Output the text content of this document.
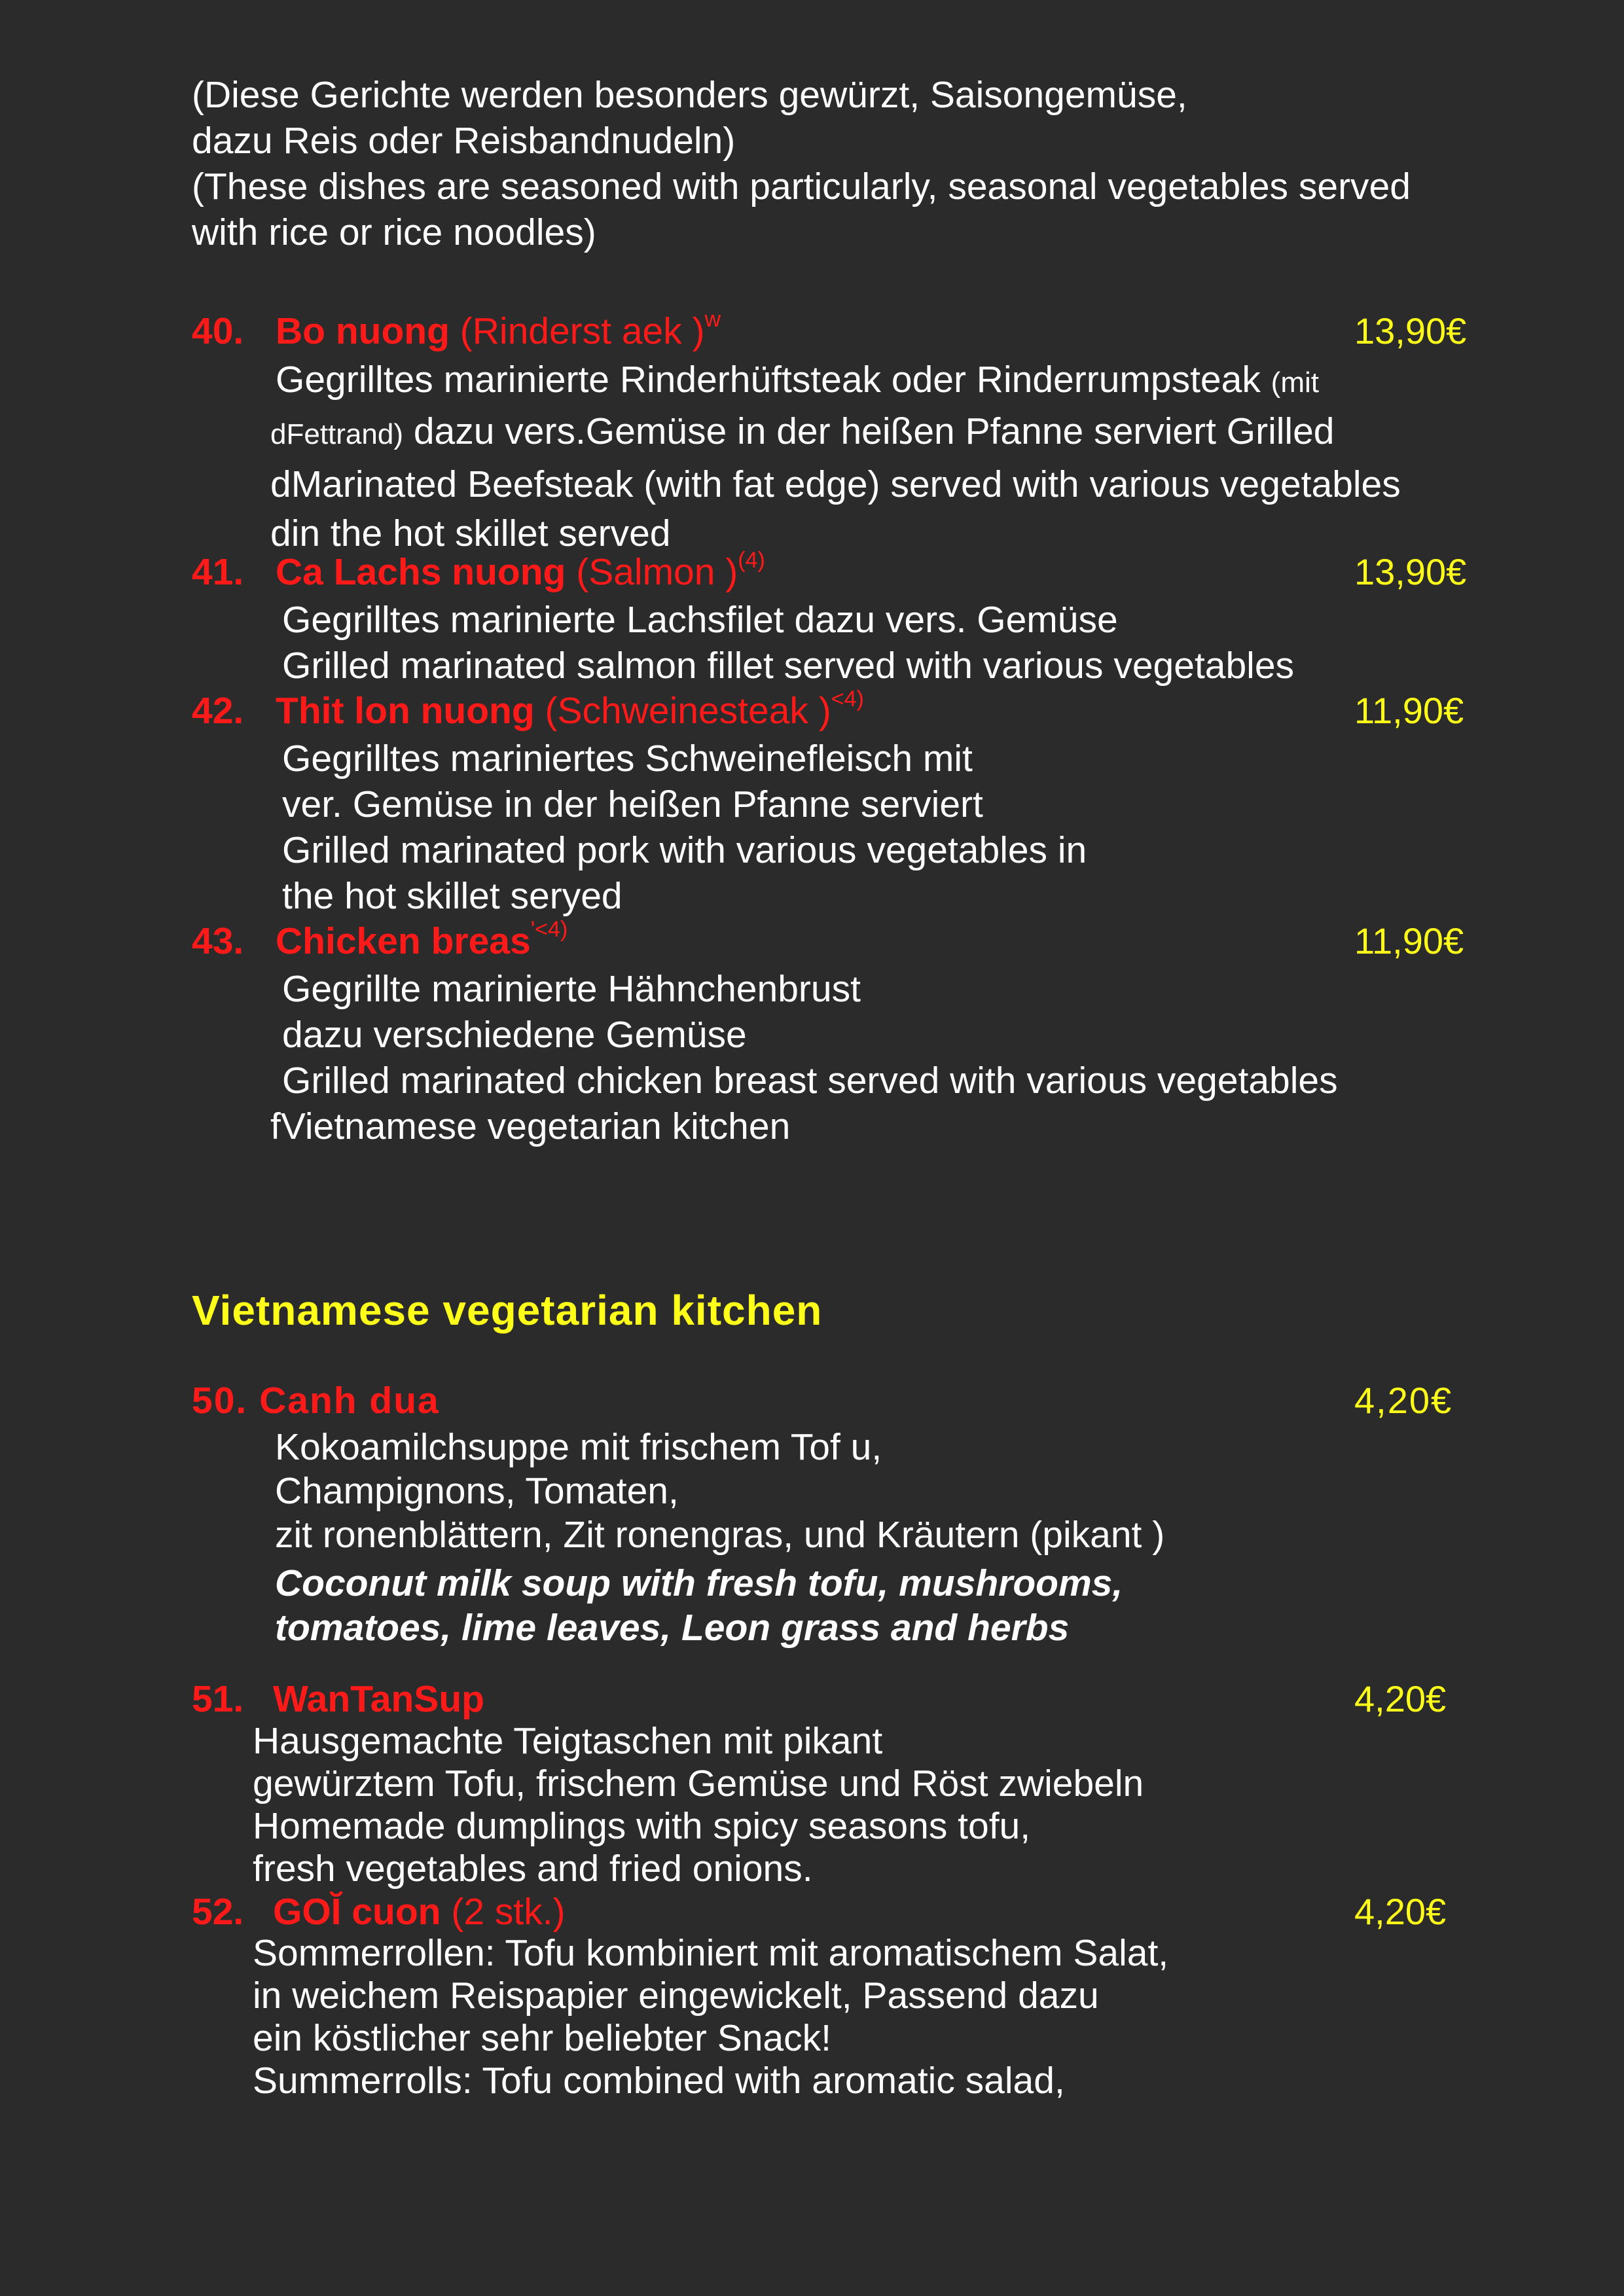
(Diese Gerichte werden besonders gewürzt, Saisongemüse,
dazu Reis oder Reisbandnudeln)
(These dishes are seasoned with particularly, seasonal vegetables served
with rice or rice noodles)
40. Bo nuong (Rinderst aek )$^w$	13,90€
Gegrilltes marinierte Rinderhüftsteak oder Rinderrumpsteak (mit
dFettrand) dazu vers.Gemüse in der heißen Pfanne serviert Grilled
dMarinated Beefsteak (with fat edge) served with various vegetables
din the hot skillet served
41. Ca Lachs nuong (Salmon )$^{(4)}$	13,90€
Gegrilltes marinierte Lachsfilet dazu vers. Gemüse
Grilled marinated salmon fillet served with various vegetables
42. Thit lon nuong (Schweinesteak )$^{<4)}$	11,90€
Gegrilltes mariniertes Schweinefleisch mit
ver. Gemüse in der heißen Pfanne serviert
Grilled marinated pork with various vegetables in
the hot skillet seryed
43. Chicken breas$^{'<4)}$	11,90€
Gegrillte marinierte Hähnchenbrust
dazu verschiedene Gemüse
Grilled marinated chicken breast served with various vegetables
fVietnamese vegetarian kitchen
Vietnamese vegetarian kitchen
50. Canh dua	4,20€
Kokoamilchsuppe mit frischem Tof u,
Champignons, Tomaten,
zit ronenblättern, Zit ronengras, und Kräutern (pikant )
Coconut milk soup with fresh tofu, mushrooms,
tomatoes, lime leaves, Leon grass and herbs
51. WanTanSup	4,20€
Hausgemachte Teigtaschen mit pikant
gewürztem Tofu, frischem Gemüse und Röst zwiebeln
Homemade dumplings with spicy seasons tofu,
fresh vegetables and fried onions.
52. GOĬ cuon (2 stk.)	4,20€
Sommerrollen: Tofu kombiniert mit aromatischem Salat,
in weichem Reispapier eingewickelt, Passend dazu
ein köstlicher sehr beliebter Snack!
Summerrolls: Tofu combined with aromatic salad,
